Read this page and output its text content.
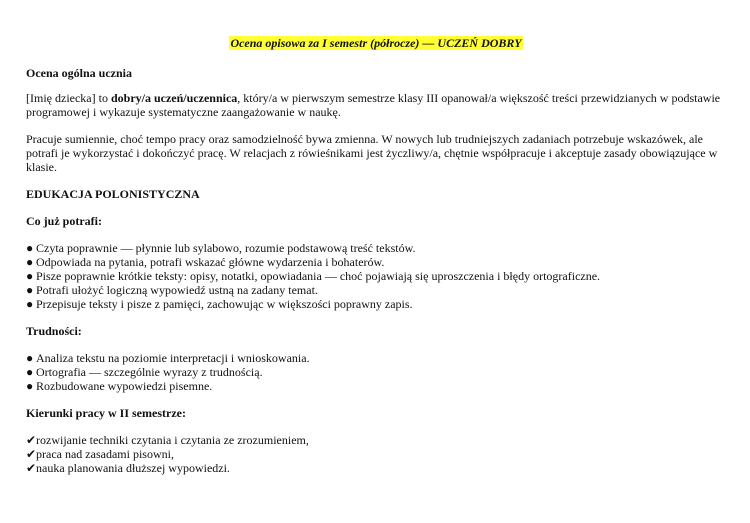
Ocena opisowa za I semestr (półrocze) — UCZEŃ DOBRY

Ocena ogólna ucznia

[Imię dziecka] to dobry/a uczeń/uczennica, który/a w pierwszym semestrze klasy III opanował/a większość treści przewidzianych w podstawie programowej i wykazuje systematyczne zaangażowanie w naukę.

Pracuje sumiennie, choć tempo pracy oraz samodzielność bywa zmienna. W nowych lub trudniejszych zadaniach potrzebuje wskazówek, ale potrafi je wykorzystać i dokończyć pracę. W relacjach z rówieśnikami jest życzliwy/a, chętnie współpracuje i akceptuje zasady obowiązujące w klasie.

EDUKACJA POLONISTYCZNA

Co już potrafi:

● Czyta poprawnie — płynnie lub sylabowo, rozumie podstawową treść tekstów.
● Odpowiada na pytania, potrafi wskazać główne wydarzenia i bohaterów.
● Pisze poprawnie krótkie teksty: opisy, notatki, opowiadania — choć pojawiają się uproszczenia i błędy ortograficzne.
● Potrafi ułożyć logiczną wypowiedź ustną na zadany temat.
● Przepisuje teksty i pisze z pamięci, zachowując w większości poprawny zapis.

Trudności:

● Analiza tekstu na poziomie interpretacji i wnioskowania.
● Ortografia — szczególnie wyrazy z trudnością.
● Rozbudowane wypowiedzi pisemne.

Kierunki pracy w II semestrze:

✔rozwijanie techniki czytania i czytania ze zrozumieniem,
✔praca nad zasadami pisowni,
✔nauka planowania dłuższej wypowiedzi.
